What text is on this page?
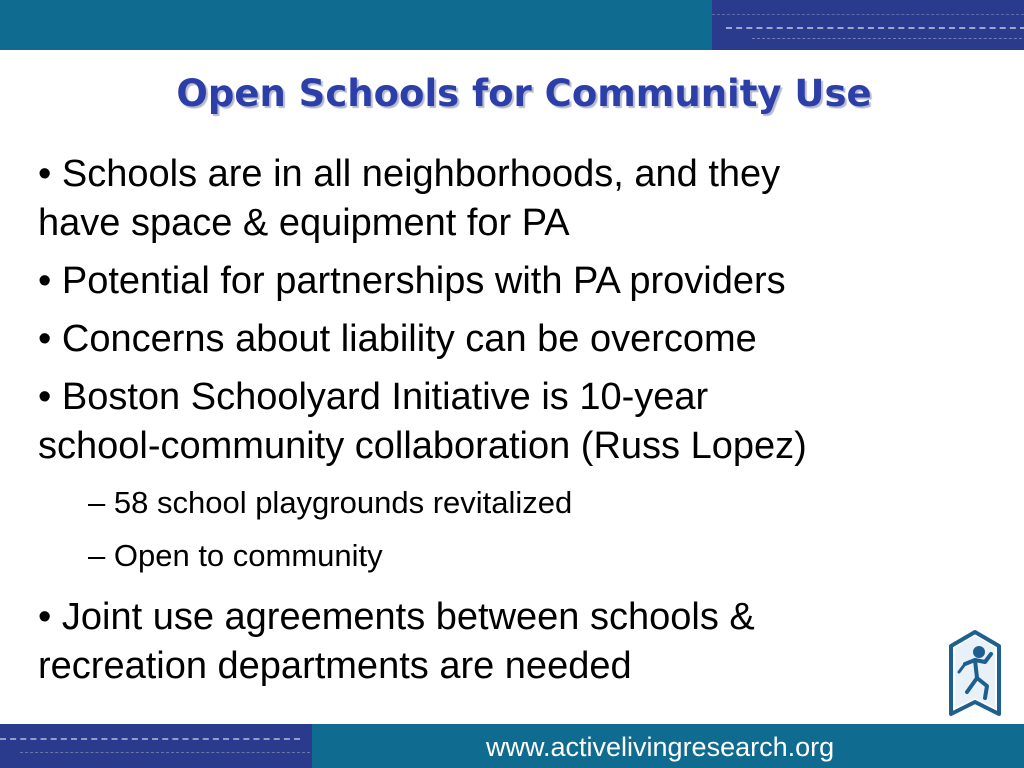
Open Schools for Community Use
• Schools are in all neighborhoods, and they
have space & equipment for PA
• Potential for partnerships with PA providers
• Concerns about liability can be overcome
• Boston Schoolyard Initiative is 10-year
school-community collaboration (Russ Lopez)
– 58 school playgrounds revitalized
– Open to community
• Joint use agreements between schools &
recreation departments are needed
www.activelivingresearch.org
